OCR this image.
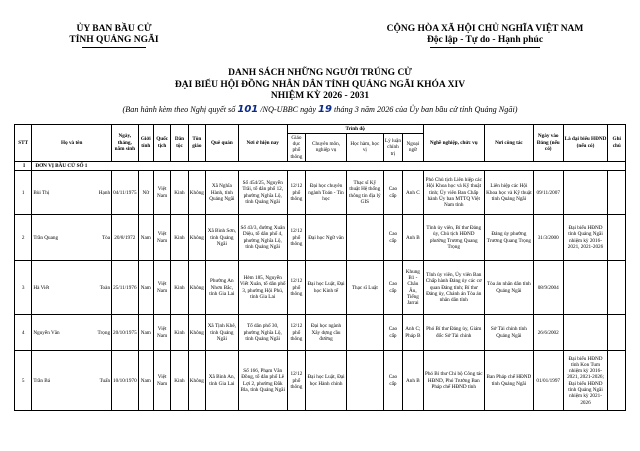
ỦY BAN BẦU CỬ
TỈNH QUẢNG NGÃI
CỘNG HÒA XÃ HỘI CHỦ NGHĨA VIỆT NAM
Độc lập - Tự do - Hạnh phúc
DANH SÁCH NHỮNG NGƯỜI TRÚNG CỬ
ĐẠI BIỂU HỘI ĐỒNG NHÂN DÂN TỈNH QUẢNG NGÃI KHÓA XIV
NHIỆM KỲ 2026 - 2031
(Ban hành kèm theo Nghị quyết số 101 /NQ-UBBC ngày 19 tháng 3 năm 2026 của Ủy ban bầu cử tỉnh Quảng Ngãi)
STT	Họ và tên	Ngày, tháng, năm sinh	Giới tính	Quốc tịch	Dân tộc	Tôn giáo	Quê quán	Nơi ở hiện nay	Trình độ					Nghề nghiệp, chức vụ	Nơi công tác	Ngày vào Đảng (nếu có)	Là đại biểu HĐND (nếu có)	Ghi chú
									Giáo dục phổ thông	Chuyên môn, nghiệp vụ	Học hàm, học vị	Lý luận chính trị	Ngoại ngữ					
I	ĐƠN VỊ BẦU CỬ SỐ 1																	
1	Bùi Thị Hạnh	04/11/1975	Nữ	Việt Nam	Kinh	Không	Xã Nghĩa Hành, tỉnh Quảng Ngãi	Số 454/25, Nguyễn Trãi, tổ dân phố 12, phường Nghĩa Lộ, tỉnh Quảng Ngãi	12/12 phổ thông	Đại học chuyên ngành Toán - Tin học	Thạc sĩ Kỹ thuật Hệ thống thông tin địa lý GIS	Cao cấp	Anh C	Phó Chủ tịch Liên hiệp các Hội Khoa học và Kỹ thuật tỉnh; Ủy viên Ban Chấp hành Ủy ban MTTQ Việt Nam tỉnh	Liên hiệp các Hội Khoa học và Kỹ thuật tỉnh Quảng Ngãi	09/11/2007		
2	Trần Quang Tòa	20/8/1972	Nam	Việt Nam	Kinh	Không	Xã Bình Sơn, tỉnh Quảng Ngãi	Số 43/3, đường Xuân Diệu, tổ dân phố 4, phường Nghĩa Lộ, tỉnh Quảng Ngãi	12/12 phổ thông	Đại học Ngữ văn		Cao cấp	Anh B	Tỉnh ủy viên, Bí thư Đảng ủy, Chủ tịch HĐND phường Trương Quang Trọng	Đảng ủy phường Trương Quang Trọng	31/3/2000	Đại biểu HĐND tỉnh Quảng Ngãi nhiệm kỳ 2016-2021, 2021-2026	
3	Hà Viết Toàn	25/11/1976	Nam	Việt Nam	Kinh	Không	Phường An Nhơn Bắc, tỉnh Gia Lai	Hẻm 185, Nguyễn Viết Xuân, tổ dân phố 3, phường Hội Phú, tỉnh Gia Lai	12/12 phổ thông	Đại học Luật, Đại học Kinh tế	Thạc sĩ Luật	Cao cấp	Khung B1 - Châu Âu, Tiếng Jarrai	Tỉnh ủy viên, Ủy viên Ban Chấp hành Đảng ủy các cơ quan Đảng tỉnh; Bí thư Đảng ủy, Chánh án Tòa án nhân dân tỉnh	Tòa án nhân dân tỉnh Quảng Ngãi	08/9/2004		
4	Nguyễn Văn Trọng	20/10/1975	Nam	Việt Nam	Kinh	Không	Xã Tịnh Khê, tỉnh Quảng Ngãi	Tổ dân phố 30, phường Nghĩa Lộ, tỉnh Quảng Ngãi	12/12 phổ thông	Đại học ngành Xây dựng cầu đường		Cao cấp	Anh C; Pháp B	Phó Bí thư Đảng ủy, Giám đốc Sở Tài chính	Sở Tài chính tỉnh Quảng Ngãi	26/6/2002		
5	Trần Bá Tuấn	10/10/1970	Nam	Việt Nam	Kinh	Không	Xã Bình An, tỉnh Gia Lai	Số 166, Phạm Văn Đồng, tổ dân phố Lê Lợi 2, phường Đắk Bla, tỉnh Quảng Ngãi	12/12 phổ thông	Đại học Luật, Đại học Hành chính		Cao cấp	Anh B	Phó Bí thư Chi bộ Công tác HĐND, Phó Trưởng Ban Pháp chế HĐND tỉnh	Ban Pháp chế HĐND tỉnh Quảng Ngãi	01/01/1997	Đại biểu HĐND tỉnh Kon Tum nhiệm kỳ 2016-2021, 2021-2026; Đại biểu HĐND tỉnh Quảng Ngãi nhiệm kỳ 2021-2026	
